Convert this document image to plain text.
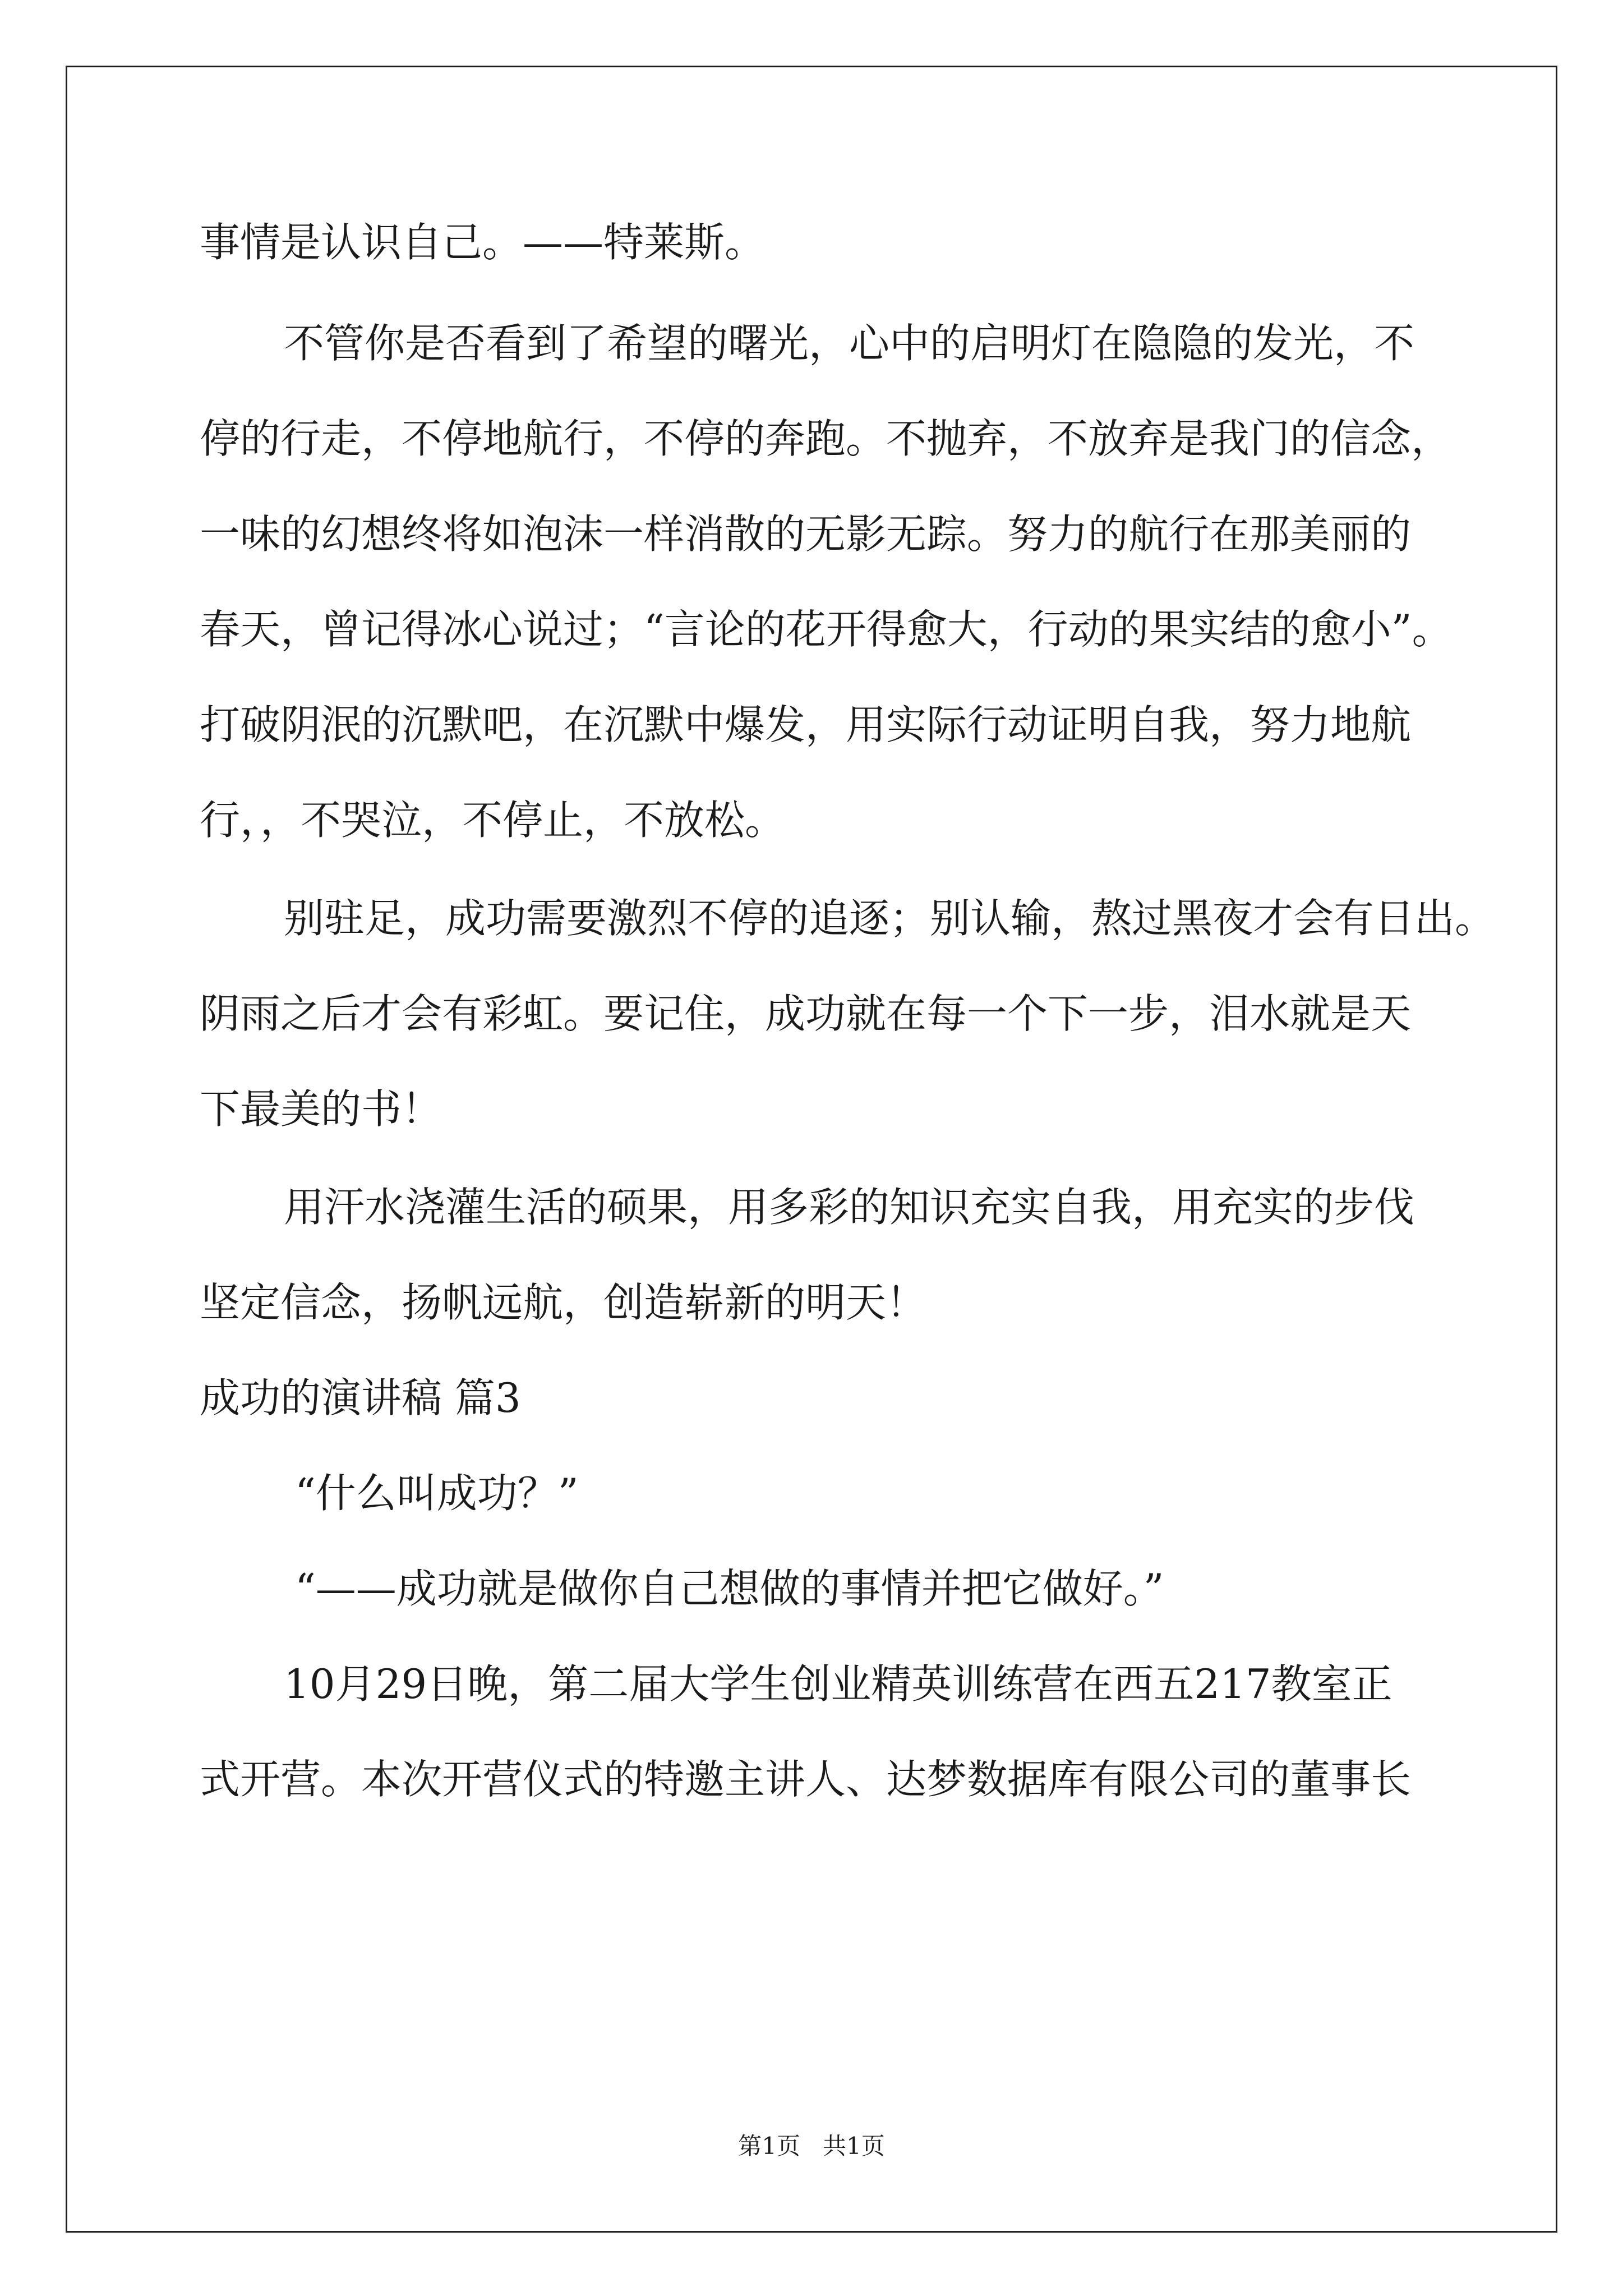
事情是认识自己。——特莱斯。
不管你是否看到了希望的曙光，心中的启明灯在隐隐的发光，不
停的行走，不停地航行，不停的奔跑。不抛弃，不放弃是我门的信念，
一味的幻想终将如泡沫一样消散的无影无踪。努力的航行在那美丽的
春天，曾记得冰心说过；“言论的花开得愈大，行动的果实结的愈小”。
打破阴泯的沉默吧，在沉默中爆发，用实际行动证明自我，努力地航
行，，不哭泣，不停止，不放松。
别驻足，成功需要激烈不停的追逐；别认输，熬过黑夜才会有日出。
阴雨之后才会有彩虹。要记住，成功就在每一个下一步，泪水就是天
下最美的书！
用汗水浇灌生活的硕果，用多彩的知识充实自我，用充实的步伐
坚定信念，扬帆远航，创造崭新的明天！
成功的演讲稿 篇3
“什么叫成功？”
“——成功就是做你自己想做的事情并把它做好。”
10月29日晚，第二届大学生创业精英训练营在西五217教室正
式开营。本次开营仪式的特邀主讲人、达梦数据库有限公司的董事长
第1页   共1页
